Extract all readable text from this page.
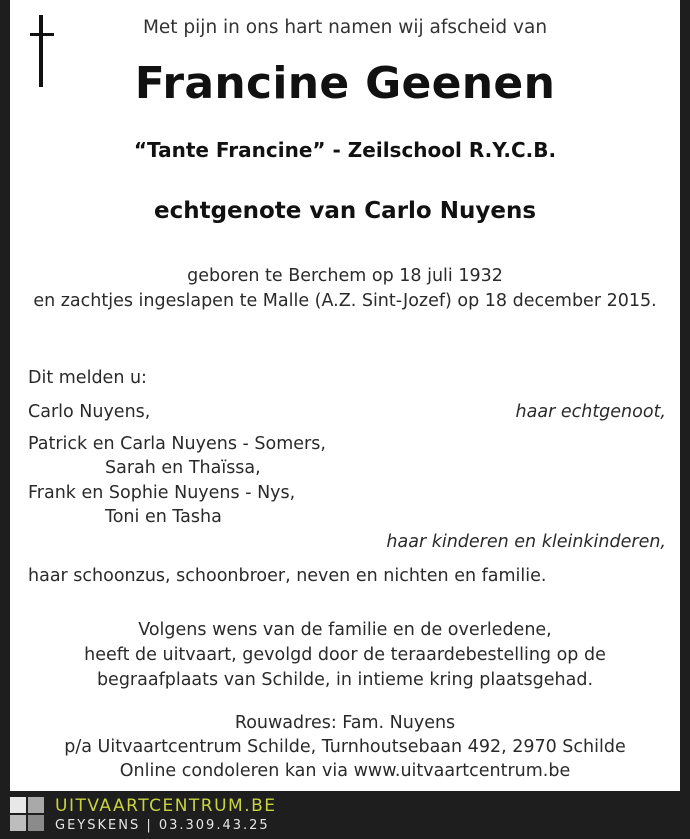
Met pijn in ons hart namen wij afscheid van
Francine Geenen
“Tante Francine” - Zeilschool R.Y.C.B.
echtgenote van Carlo Nuyens
geboren te Berchem op 18 juli 1932
en zachtjes ingeslapen te Malle (A.Z. Sint-Jozef) op 18 december 2015.
Dit melden u:
Carlo Nuyens,	haar echtgenoot,
Patrick en Carla Nuyens - Somers,
Sarah en Thaïssa,
Frank en Sophie Nuyens - Nys,
Toni en Tasha
haar kinderen en kleinkinderen,
haar schoonzus, schoonbroer, neven en nichten en familie.
Volgens wens van de familie en de overledene,
heeft de uitvaart, gevolgd door de teraardebestelling op de
begraafplaats van Schilde, in intieme kring plaatsgehad.
Rouwadres: Fam. Nuyens
p/a Uitvaartcentrum Schilde, Turnhoutsebaan 492, 2970 Schilde
Online condoleren kan via www.uitvaartcentrum.be
UITVAARTCENTRUM.BE
GEYSKENS | 03.309.43.25
